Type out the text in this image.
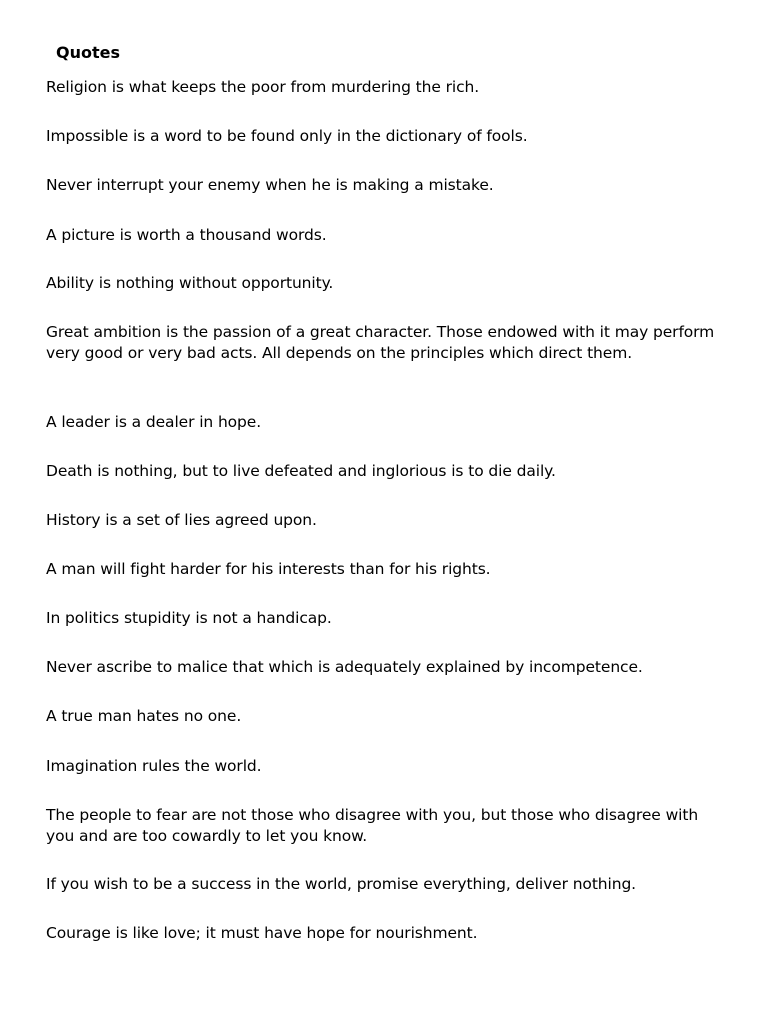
Quotes
Religion is what keeps the poor from murdering the rich.
Impossible is a word to be found only in the dictionary of fools.
Never interrupt your enemy when he is making a mistake.
A picture is worth a thousand words.
Ability is nothing without opportunity.
Great ambition is the passion of a great character. Those endowed with it may perform very good or very bad acts. All depends on the principles which direct them.
A leader is a dealer in hope.
Death is nothing, but to live defeated and inglorious is to die daily.
History is a set of lies agreed upon.
A man will fight harder for his interests than for his rights.
In politics stupidity is not a handicap.
Never ascribe to malice that which is adequately explained by incompetence.
A true man hates no one.
Imagination rules the world.
The people to fear are not those who disagree with you, but those who disagree with you and are too cowardly to let you know.
If you wish to be a success in the world, promise everything, deliver nothing.
Courage is like love; it must have hope for nourishment.
